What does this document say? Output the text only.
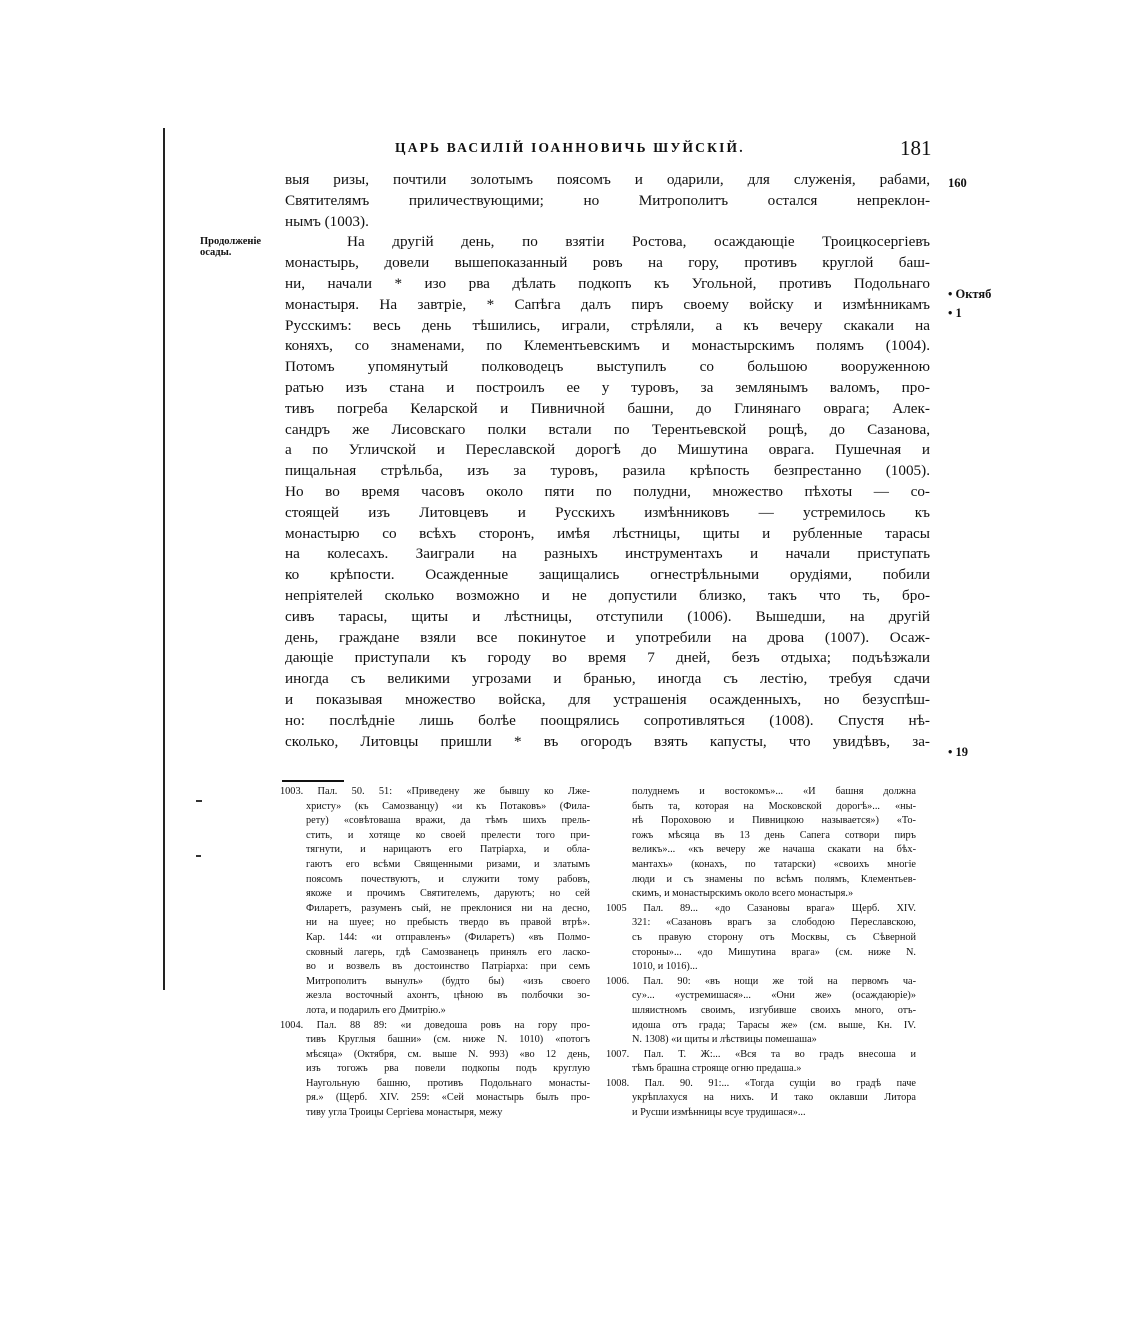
ЦАРЬ ВАСИЛІЙ ІОАННОВИЧЬ ШУЙСКІЙ.	181
Продолженіе
осады.
160
• Октяб
• 1
• 19
выя ризы, почтили золотымъ поясомъ и одарили, для служенія, рабами,
Святителямъ приличествующими; но Митрополитъ остался непреклон-
нымъ (1003).
На другій день, по взятіи Ростова, осаждающіе Троицкосергіевъ
монастырь, довели вышепоказанный ровъ на гору, противъ круглой баш-
ни, начали * изо рва дѣлать подкопъ къ Угольной, противъ Подольнаго
монастыря. На завтріе, * Сапѣга далъ пиръ своему войску и измѣнникамъ
Русскимъ: весь день тѣшились, играли, стрѣляли, а къ вечеру скакали на
коняхъ, со знаменами, по Клементьевскимъ и монастырскимъ полямъ (1004).
Потомъ упомянутый полководецъ выступилъ со большою вооруженною
ратью изъ стана и построилъ ее у туровъ, за землянымъ валомъ, про-
тивъ погреба Келарской и Пивничной башни, до Глинянаго оврага; Алек-
сандръ же Лисовскаго полки встали по Терентьевской рощѣ, до Сазанова,
а по Угличской и Переславской дорогѣ до Мишутина оврага. Пушечная и
пищальная стрѣльба, изъ за туровъ, разила крѣпость безпрестанно (1005).
Но во время часовъ около пяти по полудни, множество пѣхоты — со-
стоящей изъ Литовцевъ и Русскихъ измѣнниковъ — устремилось къ
монастырю со всѣхъ сторонъ, имѣя лѣстницы, щиты и рубленные тарасы
на колесахъ. Заиграли на разныхъ инструментахъ и начали приступать
ко крѣпости. Осажденные защищались огнестрѣльными орудіями, побили
непріятелей сколько возможно и не допустили близко, такъ что ть, бро-
сивъ тарасы, щиты и лѣстницы, отступили (1006). Вышедши, на другій
день, граждане взяли все покинутое и употребили на дрова (1007). Осаж-
дающіе приступали къ городу во время 7 дней, безъ отдыха; подъѣзжали
иногда съ великими угрозами и бранью, иногда съ лестію, требуя сдачи
и показывая множество войска, для устрашенія осажденныхъ, но безуспѣш-
но: послѣдніе лишь болѣе поощрялись сопротивляться (1008). Спустя нѣ-
сколько, Литовцы пришли * въ огородъ взять капусты, что увидѣвъ, за-
1003. Пал. 50. 51: «Приведену же бывшу ко Лже-
христу» (къ Самозванцу) «и къ Потаковъ» (Фила-
рету) «совѣтоваша вражи, да тѣмъ шихъ прель-
стить, и хотяще ко своей прелести того при-
тягнути, и нарицаютъ его Патріарха, и обла-
гаютъ его всѣми Священными ризами, и златымъ
поясомъ почествуютъ, и служити тому рабовъ,
якоже и прочимъ Святителемъ, даруютъ; но сей
Филаретъ, разуменъ сый, не преклонися ни на десно,
ни на шуее; но пребысть твердо въ правой втрѣ».
Кар. 144: «и отправленъ» (Филаретъ) «въ Полмо-
сковный лагерь, гдѣ Самозванецъ принялъ его ласко-
во и возвелъ въ достоинство Патріарха: при семъ
Митрополитъ вынулъ» (будто бы) «изъ своего
жезла восточный ахонтъ, цѣною въ полбочки зо-
лота, и подарилъ его Дмитрію.»
1004. Пал. 88 89: «и доведоша ровъ на гору про-
тивъ Круглыя башни» (см. ниже N. 1010) «потогъ
мѣсяца» (Октября, см. выше N. 993) «во 12 день,
изъ тогожъ рва повели подкопы подъ круглую
Наугольную башню, противъ Подольнаго монасты-
ря.» (Щерб. XIV. 259: «Сей монастырь былъ про-
тиву угла Троицы Сергіева монастыря, межу
полуднемъ и востокомъ»... «И башня должна
быть та, которая на Московской дорогѣ»... «ны-
нѣ Пороховою и Пивницкою называется») «То-
гожъ мѣсяца въ 13 день Сапега сотвори пиръ
великъ»... «къ вечеру же начаша скакати на бѣх-
мантахъ» (конахъ, по татарски) «своихъ многіе
люди и съ знамены по всѣмъ полямъ, Клементьев-
скимъ, и монастырскимъ около всего монастыря.»
1005 Пал. 89... «до Сазановы врага» Щерб. XIV.
321: «Сазановъ врагъ за слободою Переславскою,
съ правую сторону отъ Москвы, съ Сѣверной
стороны»... «до Мишутина врага» (см. ниже N.
1010, и 1016)...
1006. Пал. 90: «въ нощи же той на первомъ ча-
су»... «устремишася»... «Они же» (осаждаюріе)»
шляистномъ своимъ, изгубивше своихъ много, отъ-
идоша отъ града; Тарасы же» (см. выше, Кн. IV.
N. 1308) «и щиты и лѣствицы помешаша»
1007. Пал. Т. Ж:... «Вся та во градъ внесоша и
тѣмъ брашна строяще огню предаша.»
1008. Пал. 90. 91:... «Тогда сущіи во градѣ паче
укрѣплахуся на нихъ. И тако оклавши Литора
и Русши измѣнницы всуе трудишася»...
